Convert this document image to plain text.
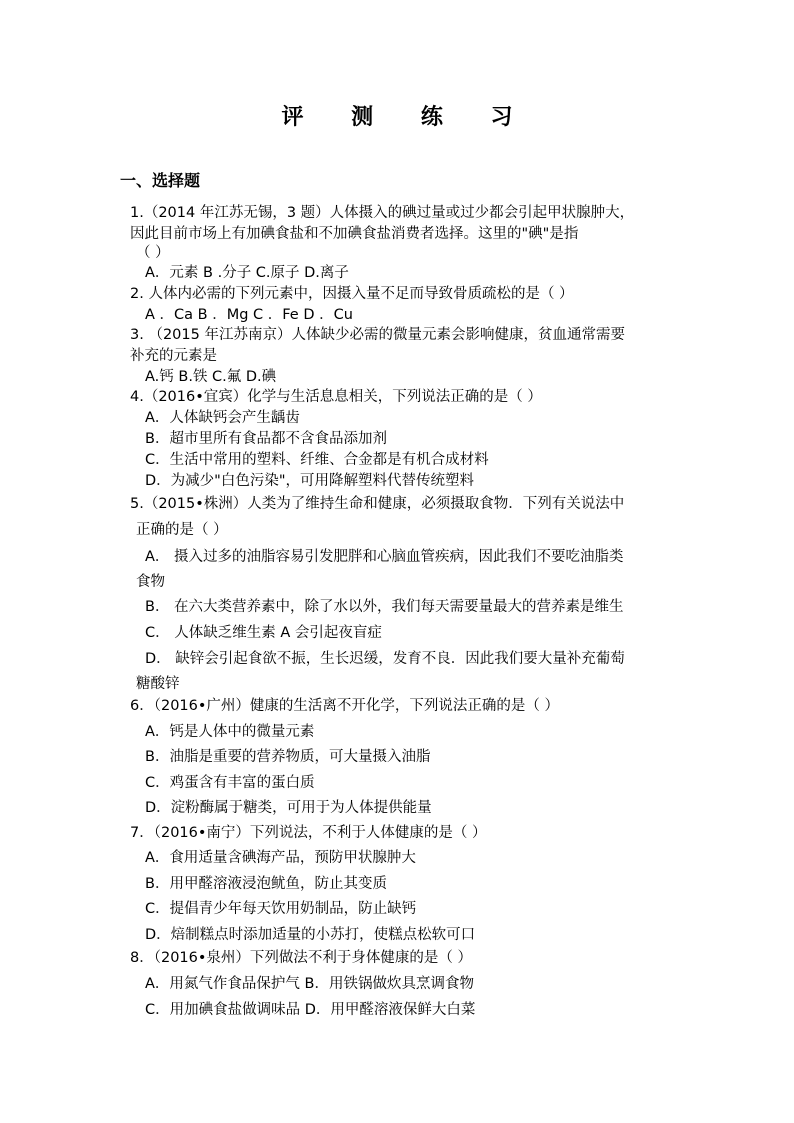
评 测 练 习
一、选择题
1.（2014 年江苏无锡，3 题）人体摄入的碘过量或过少都会引起甲状腺肿大，
因此目前市场上有加碘食盐和不加碘食盐消费者选择。这里的"碘"是指
（ ）
A．元素 B .分子 C.原子 D.离子
2. 人体内必需的下列元素中，因摄入量不足而导致骨质疏松的是（ ）
A ．Ca B ．Mg C ．Fe D ．Cu
3. （2015 年江苏南京）人体缺少必需的微量元素会影响健康，贫血通常需要
补充的元素是
A.钙 B.铁 C.氟 D.碘
4.（2016•宜宾）化学与生活息息相关，下列说法正确的是（ ）
A．人体缺钙会产生龋齿
B．超市里所有食品都不含食品添加剂
C．生活中常用的塑料、纤维、合金都是有机合成材料
D．为减少"白色污染"，可用降解塑料代替传统塑料
5.（2015•株洲）人类为了维持生命和健康，必须摄取食物．下列有关说法中
正确的是（ ）
A． 摄入过多的油脂容易引发肥胖和心脑血管疾病，因此我们不要吃油脂类
食物
B． 在六大类营养素中，除了水以外，我们每天需要量最大的营养素是维生
C． 人体缺乏维生素 A 会引起夜盲症
D． 缺锌会引起食欲不振，生长迟缓，发育不良．因此我们要大量补充葡萄
糖酸锌
6．（2016•广州）健康的生活离不开化学，下列说法正确的是（ ）
A．钙是人体中的微量元素
B．油脂是重要的营养物质，可大量摄入油脂
C．鸡蛋含有丰富的蛋白质
D．淀粉酶属于糖类，可用于为人体提供能量
7．（2016•南宁）下列说法，不利于人体健康的是（ ）
A．食用适量含碘海产品，预防甲状腺肿大
B．用甲醛溶液浸泡鱿鱼，防止其变质
C．提倡青少年每天饮用奶制品，防止缺钙
D．焙制糕点时添加适量的小苏打，使糕点松软可口
8．（2016•泉州）下列做法不利于身体健康的是（ ）
A．用氮气作食品保护气 B．用铁锅做炊具烹调食物
C．用加碘食盐做调味品 D．用甲醛溶液保鲜大白菜
